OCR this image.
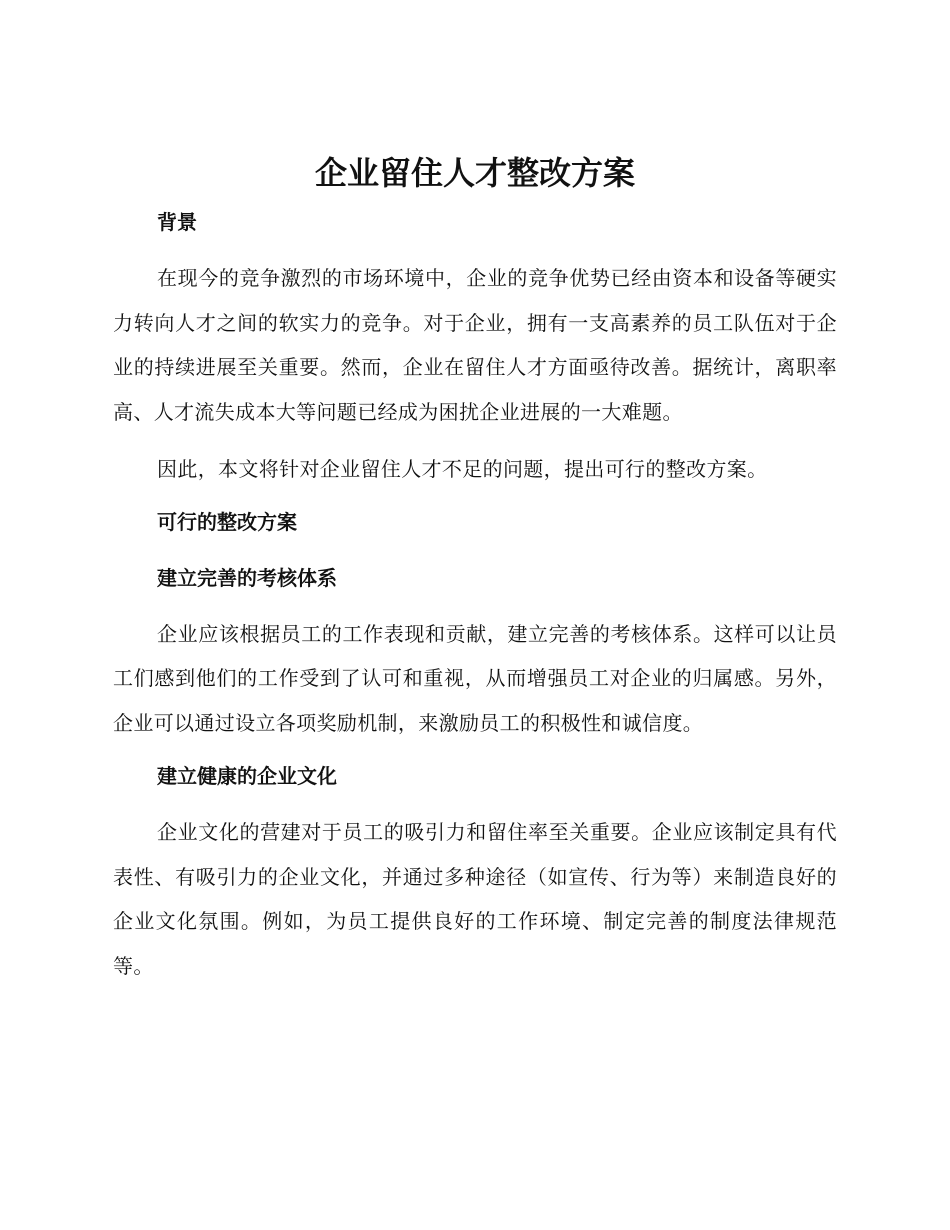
企业留住人才整改方案
背景

在现今的竞争激烈的市场环境中，企业的竞争优势已经由资本和设备等硬实力转向人才之间的软实力的竞争。对于企业，拥有一支高素养的员工队伍对于企业的持续进展至关重要。然而，企业在留住人才方面亟待改善。据统计，离职率高、人才流失成本大等问题已经成为困扰企业进展的一大难题。

因此，本文将针对企业留住人才不足的问题，提出可行的整改方案。

可行的整改方案
建立完善的考核体系

企业应该根据员工的工作表现和贡献，建立完善的考核体系。这样可以让员工们感到他们的工作受到了认可和重视，从而增强员工对企业的归属感。另外，企业可以通过设立各项奖励机制，来激励员工的积极性和诚信度。

建立健康的企业文化

企业文化的营建对于员工的吸引力和留住率至关重要。企业应该制定具有代表性、有吸引力的企业文化，并通过多种途径（如宣传、行为等）来制造良好的企业文化氛围。例如，为员工提供良好的工作环境、制定完善的制度法律规范等。
